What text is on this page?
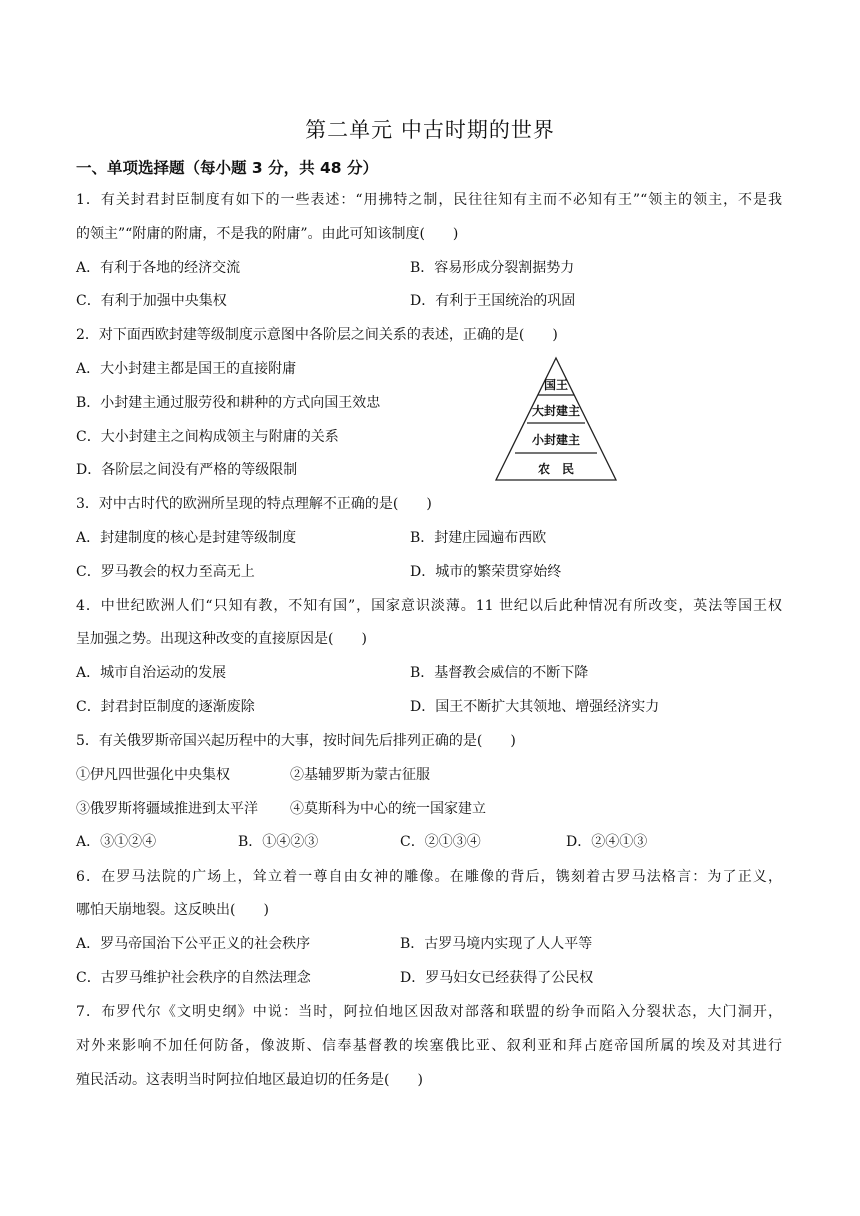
第二单元 中古时期的世界
一、单项选择题（每小题 3 分，共 48 分）
1．有关封君封臣制度有如下的一些表述：“用拂特之制，民往往知有主而不必知有王”“领主的领主，不是我
的领主”“附庸的附庸，不是我的附庸”。由此可知该制度(　　)
A．有利于各地的经济交流	B．容易形成分裂割据势力
C．有利于加强中央集权	D．有利于王国统治的巩固
2．对下面西欧封建等级制度示意图中各阶层之间关系的表述，正确的是(　　)
A．大小封建主都是国王的直接附庸
B．小封建主通过服劳役和耕种的方式向国王效忠
C．大小封建主之间构成领主与附庸的关系
D．各阶层之间没有严格的等级限制
国王
大封建主
小封建主
农　民
3．对中古时代的欧洲所呈现的特点理解不正确的是(　　)
A．封建制度的核心是封建等级制度	B．封建庄园遍布西欧
C．罗马教会的权力至高无上	D．城市的繁荣贯穿始终
4．中世纪欧洲人们“只知有教，不知有国”，国家意识淡薄。11 世纪以后此种情况有所改变，英法等国王权
呈加强之势。出现这种改变的直接原因是(　　)
A．城市自治运动的发展	B．基督教会威信的不断下降
C．封君封臣制度的逐渐废除	D．国王不断扩大其领地、增强经济实力
5．有关俄罗斯帝国兴起历程中的大事，按时间先后排列正确的是(　　)
①伊凡四世强化中央集权	②基辅罗斯为蒙古征服
③俄罗斯将疆域推进到太平洋 ④莫斯科为中心的统一国家建立
A．③①②④	B．①④②③	C．②①③④	D．②④①③
6．在罗马法院的广场上，耸立着一尊自由女神的雕像。在雕像的背后，镌刻着古罗马法格言：为了正义，
哪怕天崩地裂。这反映出(　　)
A．罗马帝国治下公平正义的社会秩序	B．古罗马境内实现了人人平等
C．古罗马维护社会秩序的自然法理念	D．罗马妇女已经获得了公民权
7．布罗代尔《文明史纲》中说：当时，阿拉伯地区因敌对部落和联盟的纷争而陷入分裂状态，大门洞开，
对外来影响不加任何防备，像波斯、信奉基督教的埃塞俄比亚、叙利亚和拜占庭帝国所属的埃及对其进行
殖民活动。这表明当时阿拉伯地区最迫切的任务是(　　)
